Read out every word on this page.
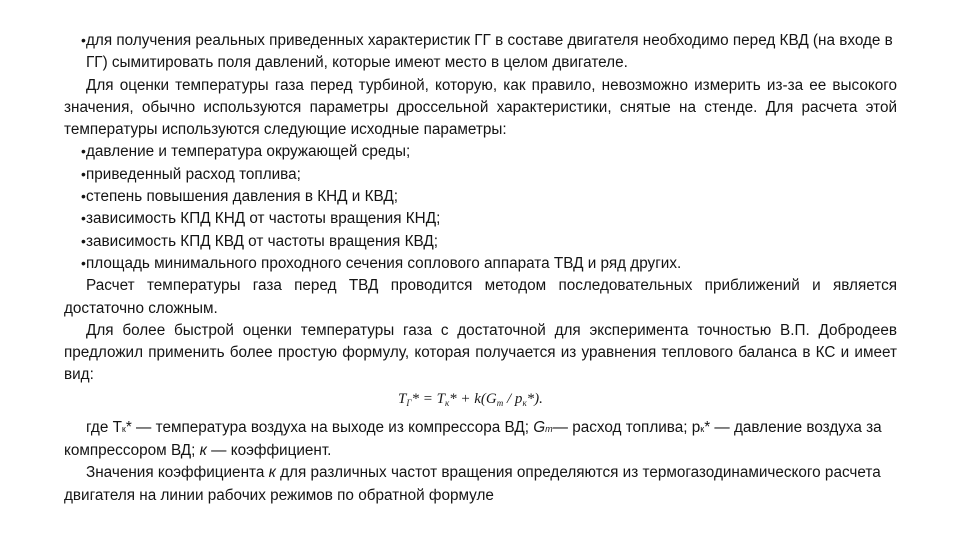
• для получения реальных приведенных характеристик ГГ в составе двигателя необходимо перед КВД (на входе в ГГ) сымитировать поля давлений, которые имеют место в целом двигателе.

Для оценки температуры газа перед турбиной, которую, как правило, невозможно измерить из-за ее высокого значения, обычно используются параметры дроссельной характеристики, снятые на стенде. Для расчета этой температуры используются следующие исходные параметры:

• давление и температура окружающей среды;

• приведенный расход топлива;

• степень повышения давления в КНД и КВД;

• зависимость КПД КНД от частоты вращения КНД;

• зависимость КПД КВД от частоты вращения КВД;

• площадь минимального проходного сечения соплового аппарата ТВД и ряд других.

Расчет температуры газа перед ТВД проводится методом последовательных приближений и является достаточно сложным.

Для более быстрой оценки температуры газа с достаточной для эксперимента точностью В.П. Добродеев предложил применить более простую формулу, которая получается из уравнения теплового баланса в КС и имеет вид:

$T_Г* = T_к* + k(G_т / p_к*)$.

где Тк* — температура воздуха на выходе из компрессора ВД; Gт— расход топлива; рк* — давление воздуха за компрессором ВД; к — коэффициент.

Значения коэффициента к для различных частот вращения определяются из термогазодинамического расчета двигателя на линии рабочих режимов по обратной формуле
